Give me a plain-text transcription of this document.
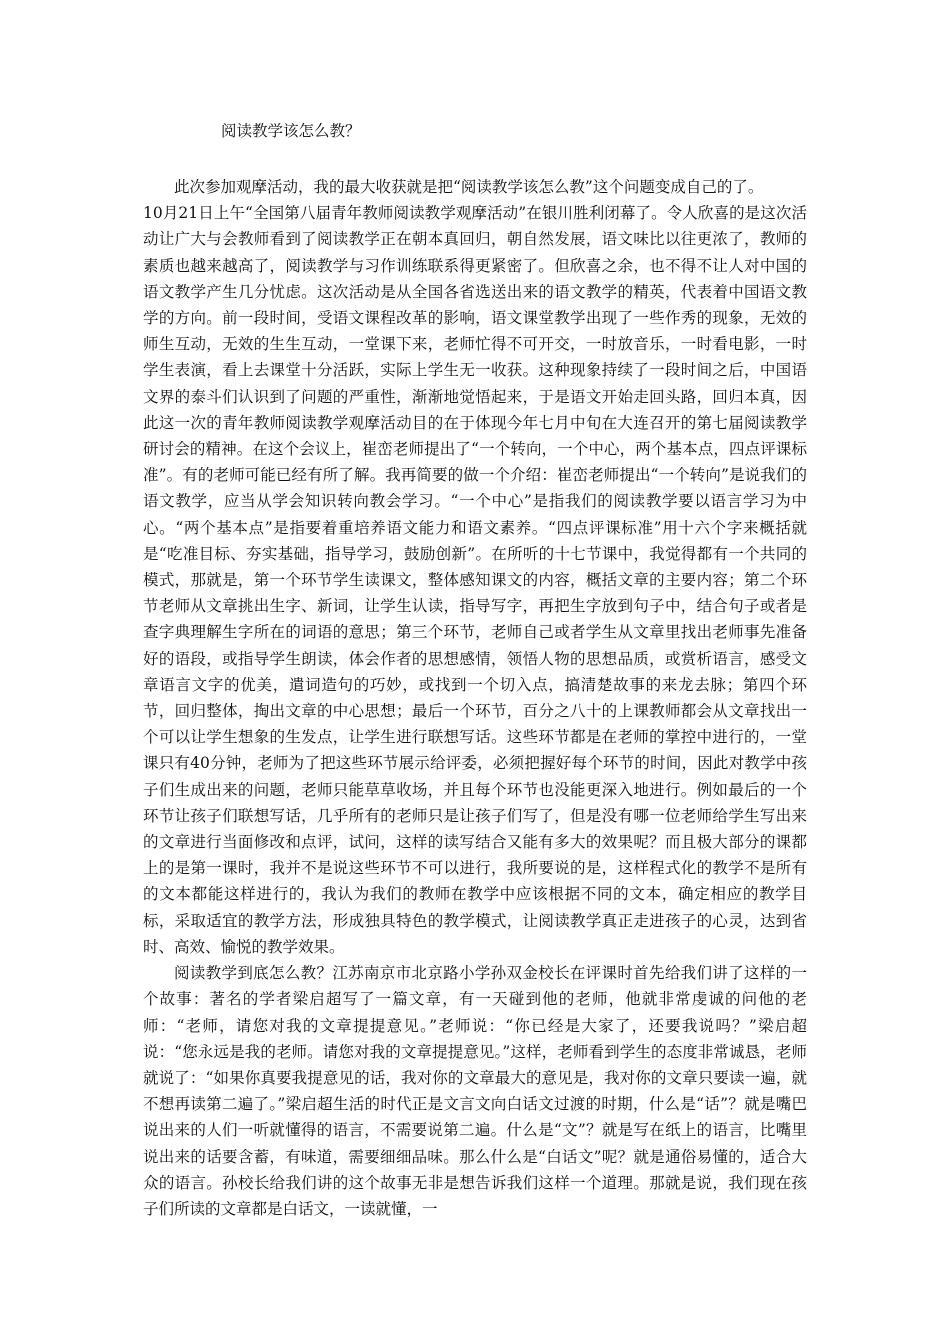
阅读教学该怎么教？

此次参加观摩活动，我的最大收获就是把“阅读教学该怎么教”这个问题变成自己的了。

10月21日上午“全国第八届青年教师阅读教学观摩活动”在银川胜利闭幕了。令人欣喜的是这次活动让广大与会教师看到了阅读教学正在朝本真回归，朝自然发展，语文味比以往更浓了，教师的素质也越来越高了，阅读教学与习作训练联系得更紧密了。但欣喜之余，也不得不让人对中国的语文教学产生几分忧虑。这次活动是从全国各省选送出来的语文教学的精英，代表着中国语文教学的方向。前一段时间，受语文课程改革的影响，语文课堂教学出现了一些作秀的现象，无效的师生互动，无效的生生互动，一堂课下来，老师忙得不可开交，一时放音乐，一时看电影，一时学生表演，看上去课堂十分活跃，实际上学生无一收获。这种现象持续了一段时间之后，中国语文界的泰斗们认识到了问题的严重性，渐渐地觉悟起来，于是语文开始走回头路，回归本真，因此这一次的青年教师阅读教学观摩活动目的在于体现今年七月中旬在大连召开的第七届阅读教学研讨会的精神。在这个会议上，崔峦老师提出了“一个转向，一个中心，两个基本点，四点评课标准”。有的老师可能已经有所了解。我再简要的做一个介绍：崔峦老师提出“一个转向”是说我们的语文教学，应当从学会知识转向教会学习。“一个中心”是指我们的阅读教学要以语言学习为中心。“两个基本点”是指要着重培养语文能力和语文素养。“四点评课标准”用十六个字来概括就是“吃准目标、夯实基础，指导学习，鼓励创新”。在所听的十七节课中，我觉得都有一个共同的模式，那就是，第一个环节学生读课文，整体感知课文的内容，概括文章的主要内容；第二个环节老师从文章挑出生字、新词，让学生认读，指导写字，再把生字放到句子中，结合句子或者是查字典理解生字所在的词语的意思；第三个环节，老师自己或者学生从文章里找出老师事先准备好的语段，或指导学生朗读，体会作者的思想感情，领悟人物的思想品质，或赏析语言，感受文章语言文字的优美，遣词造句的巧妙，或找到一个切入点，搞清楚故事的来龙去脉；第四个环节，回归整体，掏出文章的中心思想；最后一个环节，百分之八十的上课教师都会从文章找出一个可以让学生想象的生发点，让学生进行联想写话。这些环节都是在老师的掌控中进行的，一堂课只有40分钟，老师为了把这些环节展示给评委，必须把握好每个环节的时间，因此对教学中孩子们生成出来的问题，老师只能草草收场，并且每个环节也没能更深入地进行。例如最后的一个环节让孩子们联想写话，几乎所有的老师只是让孩子们写了，但是没有哪一位老师给学生写出来的文章进行当面修改和点评，试问，这样的读写结合又能有多大的效果呢？而且极大部分的课都上的是第一课时，我并不是说这些环节不可以进行，我所要说的是，这样程式化的教学不是所有的文本都能这样进行的，我认为我们的教师在教学中应该根据不同的文本，确定相应的教学目标，采取适宜的教学方法，形成独具特色的教学模式，让阅读教学真正走进孩子的心灵，达到省时、高效、愉悦的教学效果。

阅读教学到底怎么教？江苏南京市北京路小学孙双金校长在评课时首先给我们讲了这样的一个故事：著名的学者梁启超写了一篇文章，有一天碰到他的老师，他就非常虔诚的问他的老师：“老师，请您对我的文章提提意见。”老师说：“你已经是大家了，还要我说吗？”梁启超说：“您永远是我的老师。请您对我的文章提提意见。”这样，老师看到学生的态度非常诚恳，老师就说了：“如果你真要我提意见的话，我对你的文章最大的意见是，我对你的文章只要读一遍，就不想再读第二遍了。”梁启超生活的时代正是文言文向白话文过渡的时期，什么是“话”？就是嘴巴说出来的人们一听就懂得的语言，不需要说第二遍。什么是“文”？就是写在纸上的语言，比嘴里说出来的话要含蓄，有味道，需要细细品味。那么什么是“白话文”呢？就是通俗易懂的，适合大众的语言。孙校长给我们讲的这个故事无非是想告诉我们这样一个道理。那就是说，我们现在孩子们所读的文章都是白话文，一读就懂，一
